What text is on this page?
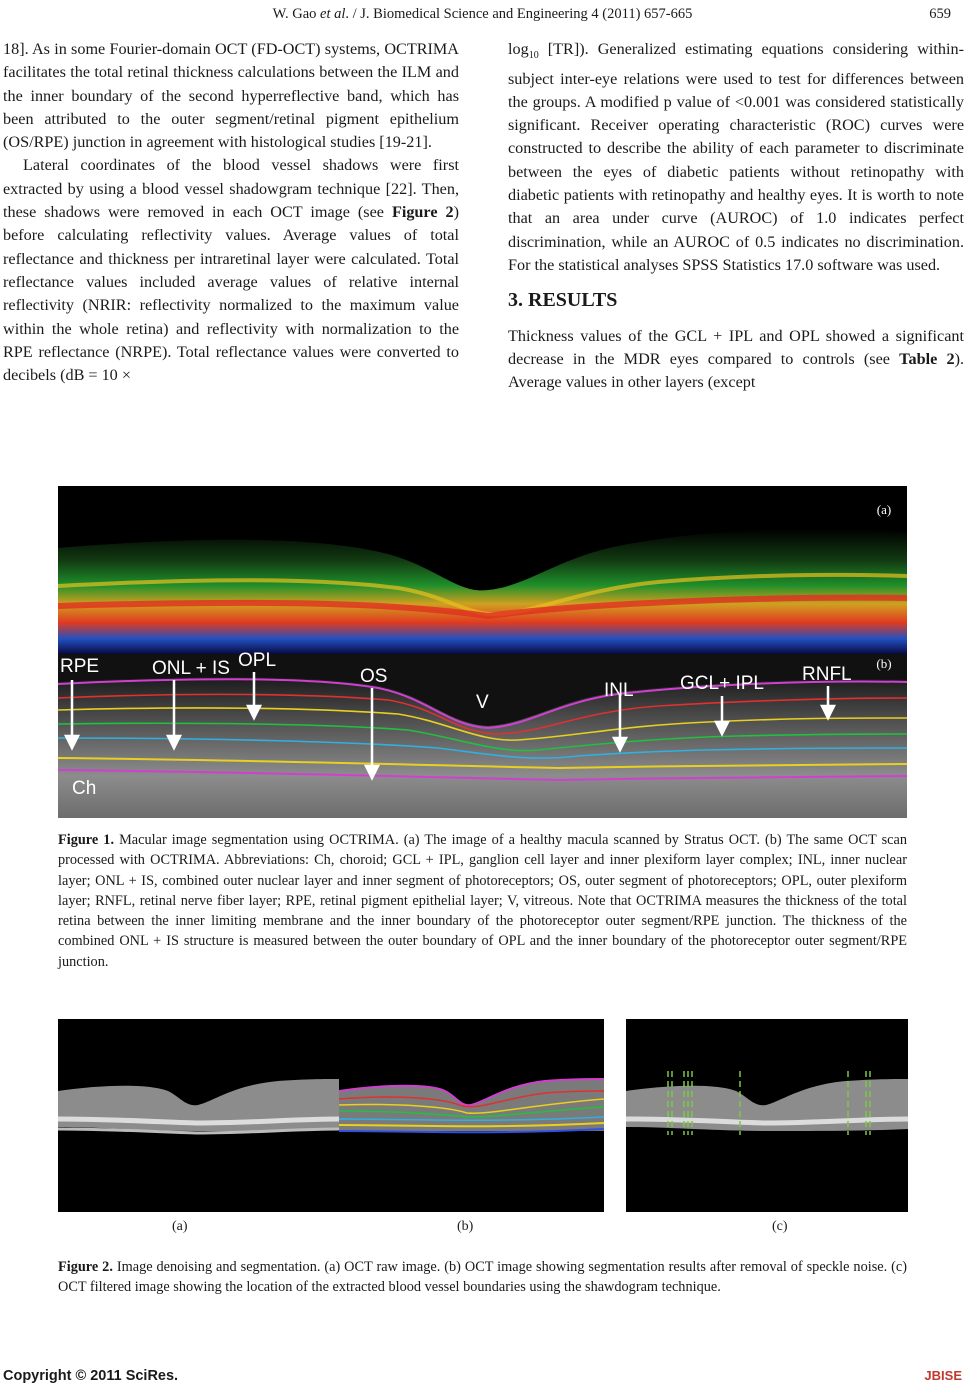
W. Gao et al. / J. Biomedical Science and Engineering 4 (2011) 657-665	659

18]. As in some Fourier-domain OCT (FD-OCT) systems, OCTRIMA facilitates the total retinal thickness calculations between the ILM and the inner boundary of the second hyperreflective band, which has been attributed to the outer segment/retinal pigment epithelium (OS/RPE) junction in agreement with histological studies [19-21].

Lateral coordinates of the blood vessel shadows were first extracted by using a blood vessel shadowgram technique [22]. Then, these shadows were removed in each OCT image (see Figure 2) before calculating reflectivity values. Average values of total reflectance and thickness per intraretinal layer were calculated. Total reflectance values included average values of relative internal reflectivity (NRIR: reflectivity normalized to the maximum value within the whole retina) and reflectivity with normalization to the RPE reflectance (NRPE). Total reflectance values were converted to decibels (dB = 10 ×

$\log_{10} [TR]$). Generalized estimating equations considering within-subject inter-eye relations were used to test for differences between the groups. A modified p value of <0.001 was considered statistically significant. Receiver operating characteristic (ROC) curves were constructed to describe the ability of each parameter to discriminate between the eyes of diabetic patients without retinopathy with diabetic patients with retinopathy and healthy eyes. It is worth to note that an area under curve (AUROC) of 1.0 indicates perfect discrimination, while an AUROC of 0.5 indicates no discrimination. For the statistical analyses SPSS Statistics 17.0 software was used.

3. RESULTS

Thickness values of the GCL + IPL and OPL showed a significant decrease in the MDR eyes compared to controls (see Table 2). Average values in other layers (except

(a)
RPE	ONL + IS OPL
OS
V
INL GCL+ IPL RNFL
Ch
(b)
Figure 1. Macular image segmentation using OCTRIMA. (a) The image of a healthy macula scanned by Stratus OCT. (b) The same OCT scan processed with OCTRIMA. Abbreviations: Ch, choroid; GCL + IPL, ganglion cell layer and inner plexiform layer complex; INL, inner nuclear layer; ONL + IS, combined outer nuclear layer and inner segment of photoreceptors; OS, outer segment of photoreceptors; OPL, outer plexiform layer; RNFL, retinal nerve fiber layer; RPE, retinal pigment epithelial layer; V, vitreous. Note that OCTRIMA measures the thickness of the total retina between the inner limiting membrane and the inner boundary of the photoreceptor outer segment/RPE junction. The thickness of the combined ONL + IS structure is measured between the outer boundary of OPL and the inner boundary of the photoreceptor outer segment/RPE junction.
(a)	(b)	(c)
Figure 2. Image denoising and segmentation. (a) OCT raw image. (b) OCT image showing segmentation results after removal of speckle noise. (c) OCT filtered image showing the location of the extracted blood vessel boundaries using the shawdogram technique.
Copyright © 2011 SciRes.	JBISE
